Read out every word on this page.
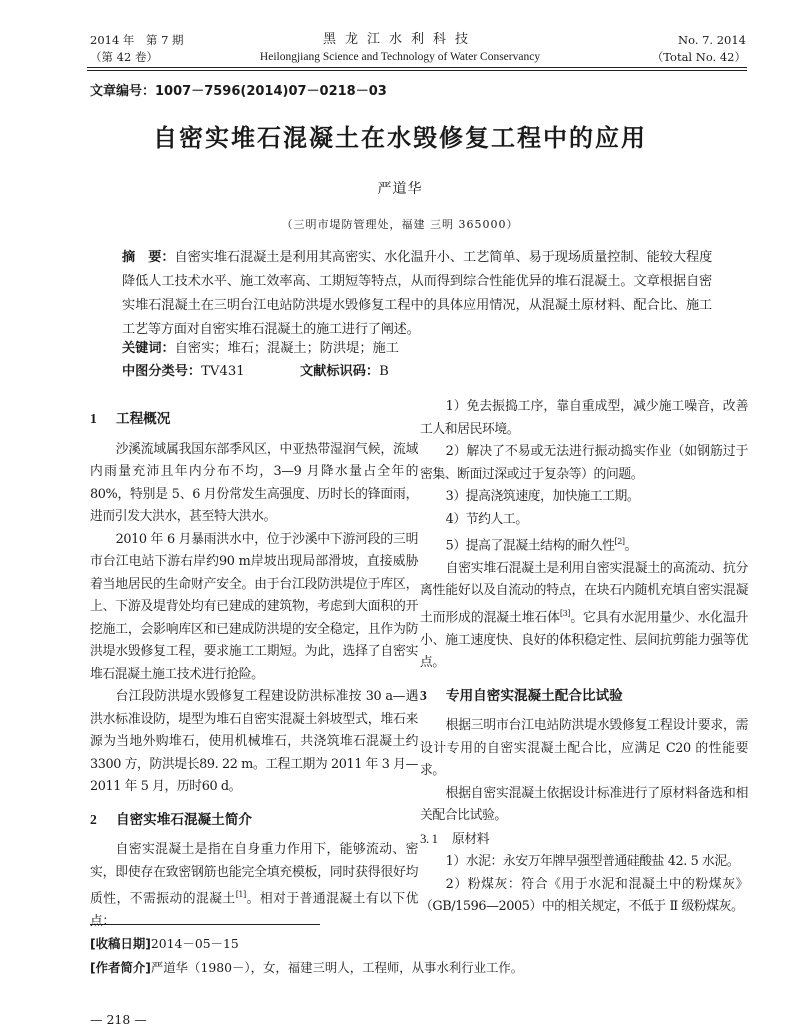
2014 年　第 7 期
（第 42 卷）
黑龙江水利科技
Heilongjiang Science and Technology of Water Conservancy
No. 7. 2014
（Total No. 42）
文章编号：1007－7596(2014)07－0218－03
自密实堆石混凝土在水毁修复工程中的应用
严道华
（三明市堤防管理处，福建 三明 365000）
摘　要：自密实堆石混凝土是利用其高密实、水化温升小、工艺简单、易于现场质量控制、能较大程度降低人工技术水平、施工效率高、工期短等特点，从而得到综合性能优异的堆石混凝土。文章根据自密实堆石混凝土在三明台江电站防洪堤水毁修复工程中的具体应用情况，从混凝土原材料、配合比、施工工艺等方面对自密实堆石混凝土的施工进行了阐述。
关键词：自密实；堆石；混凝土；防洪堤；施工
中图分类号：TV431	文献标识码：B
1 工程概况

沙溪流域属我国东部季风区，中亚热带湿润气候，流域内雨量充沛且年内分布不均，3—9 月降水量占全年的 80%，特别是 5、6 月份常发生高强度、历时长的锋面雨，进而引发大洪水，甚至特大洪水。

2010 年 6 月暴雨洪水中，位于沙溪中下游河段的三明市台江电站下游右岸约90 m岸坡出现局部滑坡，直接威胁着当地居民的生命财产安全。由于台江段防洪堤位于库区，上、下游及堤背处均有已建成的建筑物，考虑到大面积的开挖施工，会影响库区和已建成防洪堤的安全稳定，且作为防洪堤水毁修复工程，要求施工工期短。为此，选择了自密实堆石混凝土施工技术进行抢险。

台江段防洪堤水毁修复工程建设防洪标准按 30 a—遇洪水标准设防，堤型为堆石自密实混凝土斜坡型式，堆石来源为当地外购堆石，使用机械堆石，共浇筑堆石混凝土约 3300 方，防洪堤长89. 22 m。工程工期为 2011 年 3 月—2011 年 5 月，历时60 d。

2 自密实堆石混凝土简介

自密实混凝土是指在自身重力作用下，能够流动、密实，即使存在致密钢筋也能完全填充模板，同时获得很好均质性，不需振动的混凝土[1]。相对于普通混凝土有以下优点：

1）免去振捣工序，靠自重成型，减少施工噪音，改善工人和居民环境。

2）解决了不易或无法进行振动捣实作业（如钢筋过于密集、断面过深或过于复杂等）的问题。

3）提高浇筑速度，加快施工工期。

4）节约人工。

5）提高了混凝土结构的耐久性[2]。

自密实堆石混凝土是利用自密实混凝土的高流动、抗分离性能好以及自流动的特点，在块石内随机充填自密实混凝土而形成的混凝土堆石体[3]。它具有水泥用量少、水化温升小、施工速度快、良好的体积稳定性、层间抗剪能力强等优点。

3 专用自密实混凝土配合比试验

根据三明市台江电站防洪堤水毁修复工程设计要求，需设计专用的自密实混凝土配合比，应满足 C20 的性能要求。

根据自密实混凝土依据设计标准进行了原材料备选和相关配合比试验。

3. 1 原材料

1）水泥：永安万年牌早强型普通硅酸盐 42. 5 水泥。

2）粉煤灰：符合《用于水泥和混凝土中的粉煤灰》（GB/1596—2005）中的相关规定，不低于 Ⅱ 级粉煤灰。

[收稿日期]2014－05－15
[作者简介]严道华（1980－），女，福建三明人，工程师，从事水利行业工作。
— 218 —
